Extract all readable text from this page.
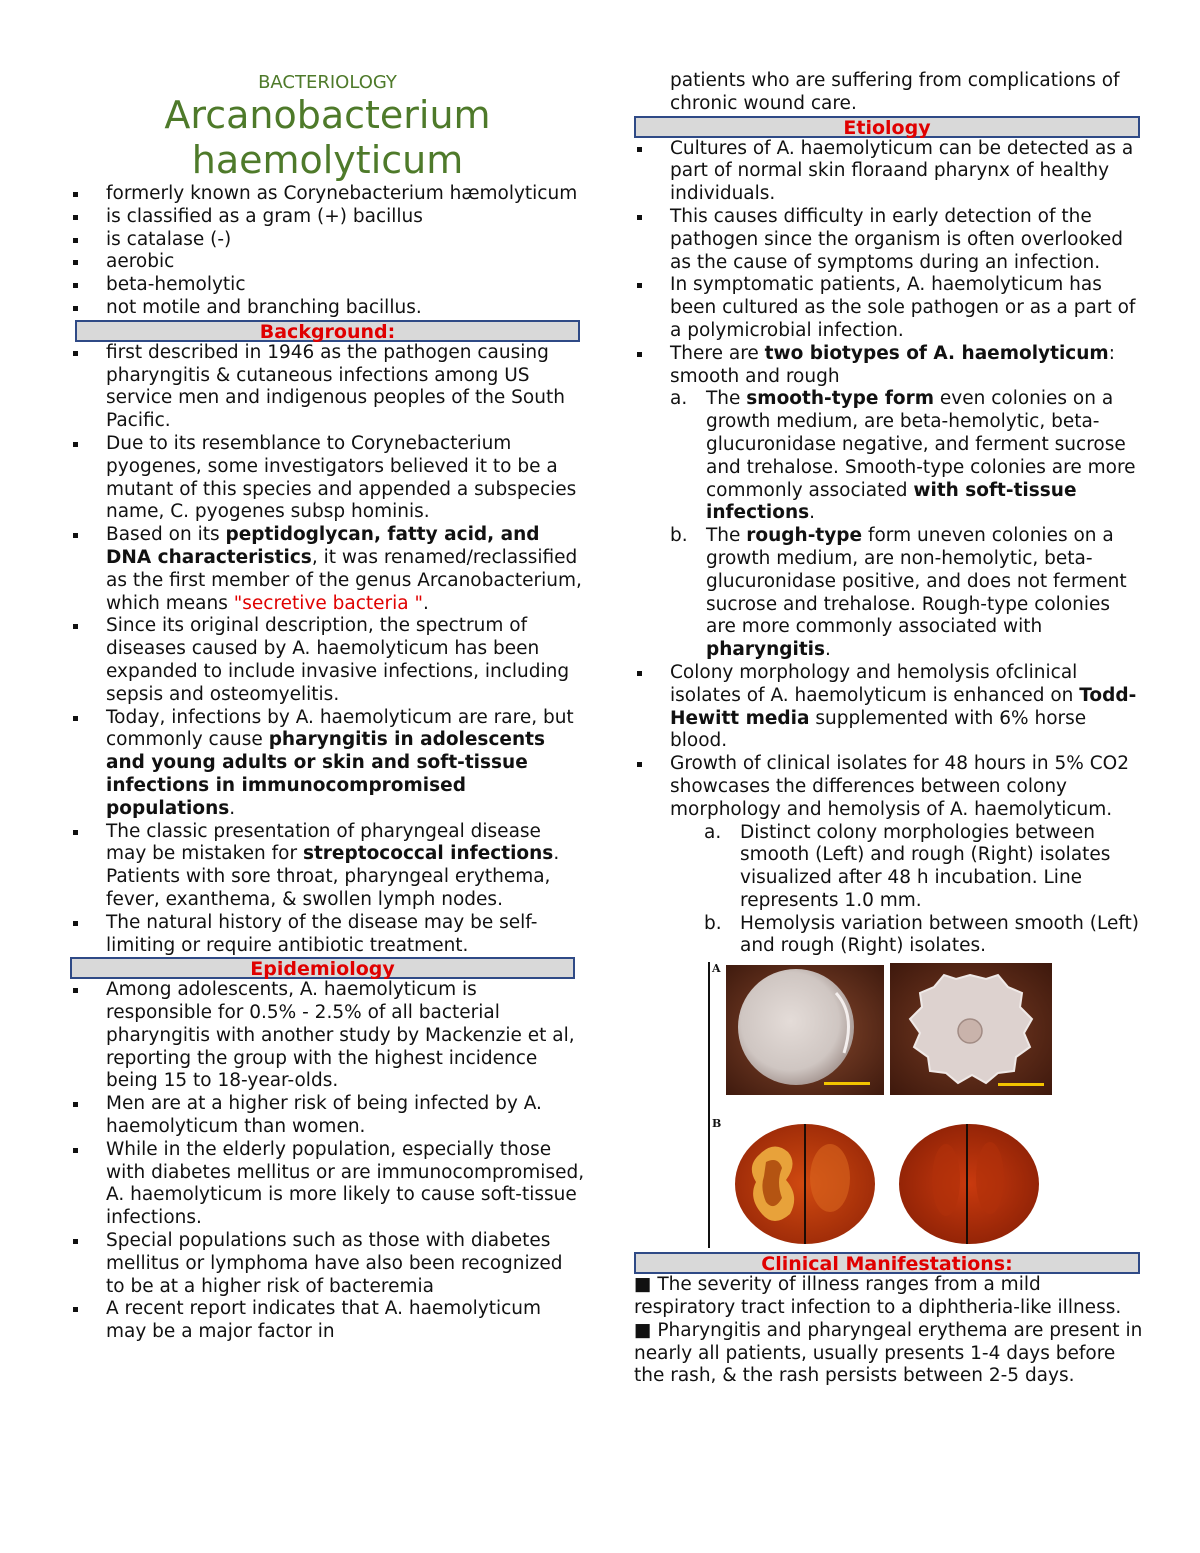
BACTERIOLOGY
Arcanobacterium
haemolyticum
formerly known as Corynebacterium hæmolyticum
is classified as a gram (+) bacillus
is catalase (-)
aerobic
beta-hemolytic
not motile and branching bacillus.
Background:
first described in 1946 as the pathogen causing pharyngitis & cutaneous infections among US service men and indigenous peoples of the South Pacific.
Due to its resemblance to Corynebacterium pyogenes, some investigators believed it to be a mutant of this species and appended a subspecies name, C. pyogenes subsp hominis.
Based on its peptidoglycan, fatty acid, and DNA characteristics, it was renamed/reclassified as the first member of the genus Arcanobacterium, which means "secretive bacteria ".
Since its original description, the spectrum of diseases caused by A. haemolyticum has been expanded to include invasive infections, including sepsis and osteomyelitis.
Today, infections by A. haemolyticum are rare, but commonly cause pharyngitis in adolescents and young adults or skin and soft-tissue infections in immunocompromised populations.
The classic presentation of pharyngeal disease may be mistaken for streptococcal infections. Patients with sore throat, pharyngeal erythema, fever, exanthema, & swollen lymph nodes.
The natural history of the disease may be self-limiting or require antibiotic treatment.
Epidemiology
Among adolescents, A. haemolyticum is responsible for 0.5% - 2.5% of all bacterial pharyngitis with another study by Mackenzie et al, reporting the group with the highest incidence being 15 to 18-year-olds.
Men are at a higher risk of being infected by A. haemolyticum than women.
While in the elderly population, especially those with diabetes mellitus or are immunocompromised, A. haemolyticum is more likely to cause soft-tissue infections.
Special populations such as those with diabetes mellitus or lymphoma have also been recognized to be at a higher risk of bacteremia
A recent report indicates that A. haemolyticum may be a major factor in
patients who are suffering from complications of chronic wound care.
Etiology
Cultures of A. haemolyticum can be detected as a part of normal skin floraand pharynx of healthy individuals.
This causes difficulty in early detection of the pathogen since the organism is often overlooked as the cause of symptoms during an infection.
In symptomatic patients, A. haemolyticum has been cultured as the sole pathogen or as a part of a polymicrobial infection.
There are two biotypes of A. haemolyticum: smooth and rough
a. The smooth-type form even colonies on a growth medium, are beta-hemolytic, beta-glucuronidase negative, and ferment sucrose and trehalose. Smooth-type colonies are more commonly associated with soft-tissue infections.
b. The rough-type form uneven colonies on a growth medium, are non-hemolytic, beta-glucuronidase positive, and does not ferment sucrose and trehalose. Rough-type colonies are more commonly associated with pharyngitis.
Colony morphology and hemolysis ofclinical isolates of A. haemolyticum is enhanced on Todd-Hewitt media supplemented with 6% horse blood.
Growth of clinical isolates for 48 hours in 5% CO2 showcases the differences between colony morphology and hemolysis of A. haemolyticum.
a. Distinct colony morphologies between smooth (Left) and rough (Right) isolates visualized after 48 h incubation. Line represents 1.0 mm.
b. Hemolysis variation between smooth (Left) and rough (Right) isolates.
A
B
Clinical Manifestations:
■ The severity of illness ranges from a mild respiratory tract infection to a diphtheria-like illness.
■ Pharyngitis and pharyngeal erythema are present in nearly all patients, usually presents 1-4 days before the rash, & the rash persists between 2-5 days.
